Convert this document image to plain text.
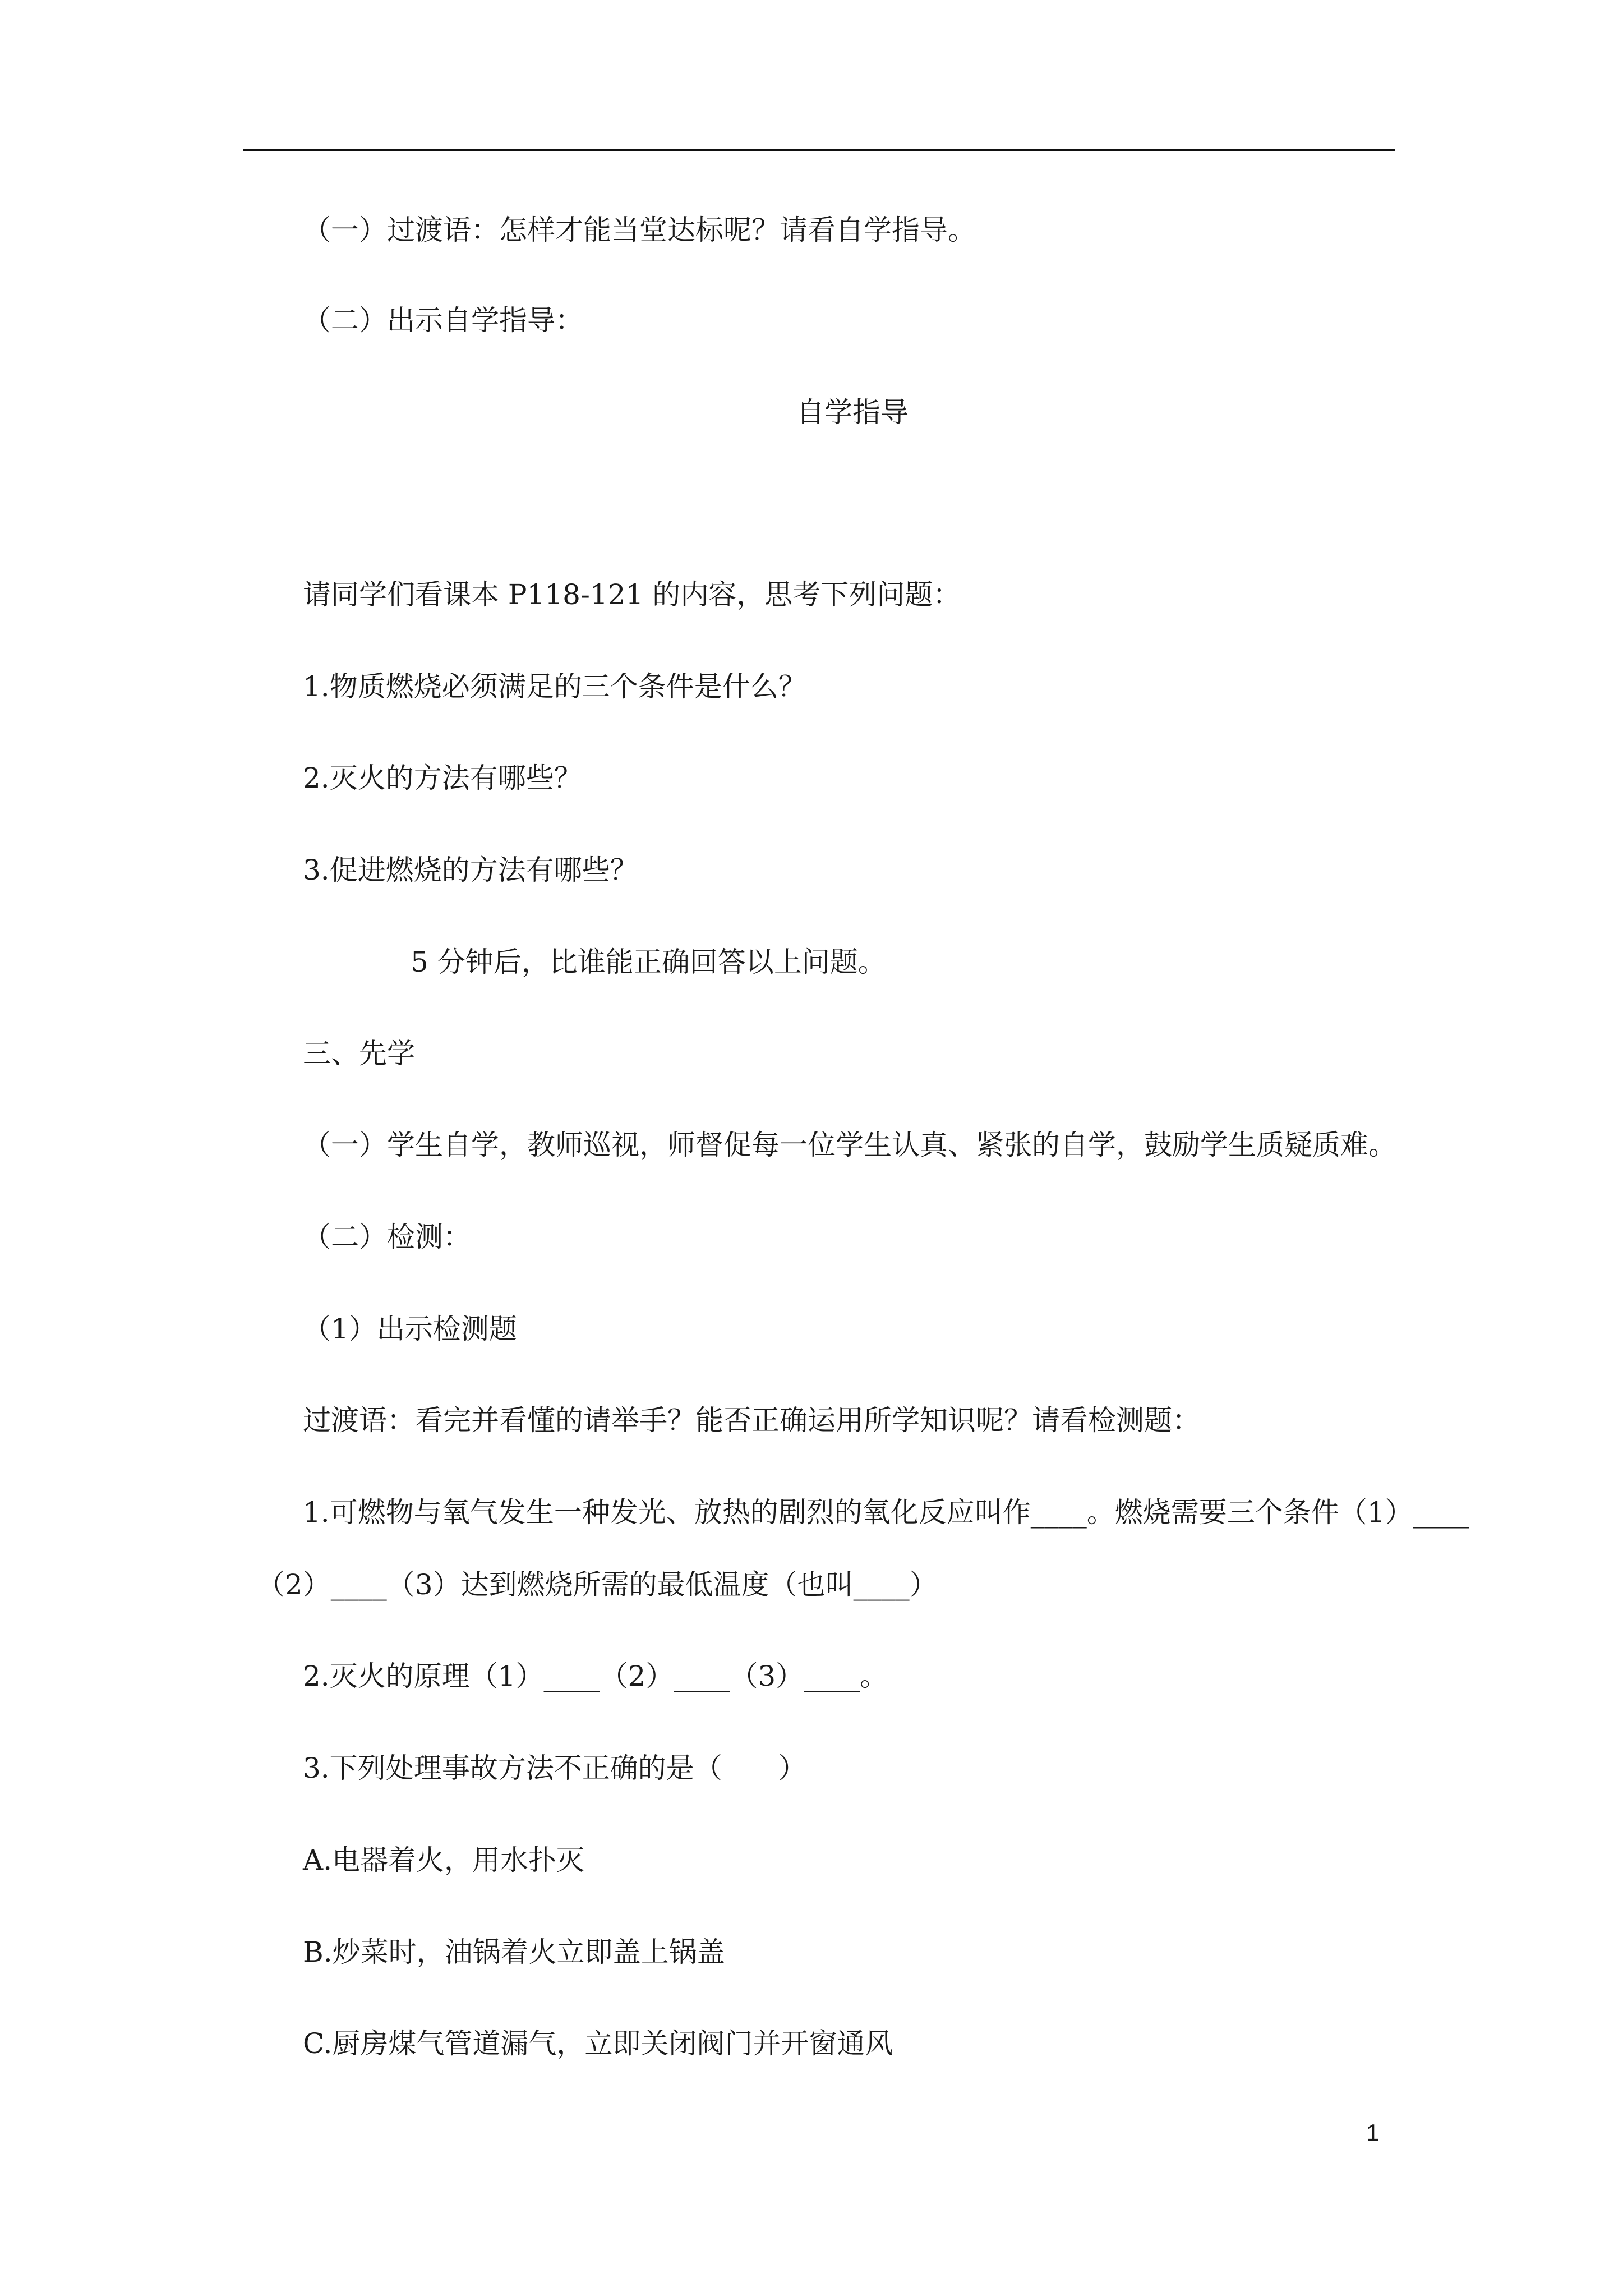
（一）过渡语：怎样才能当堂达标呢？请看自学指导。
（二）出示自学指导：
自学指导
请同学们看课本 P118-121 的内容，思考下列问题：
1.物质燃烧必须满足的三个条件是什么？
2.灭火的方法有哪些？
3.促进燃烧的方法有哪些？
5 分钟后，比谁能正确回答以上问题。
三、先学
（一）学生自学，教师巡视，师督促每一位学生认真、紧张的自学，鼓励学生质疑质难。
（二）检测：
（1）出示检测题
过渡语：看完并看懂的请举手？能否正确运用所学知识呢？请看检测题：
1.可燃物与氧气发生一种发光、放热的剧烈的氧化反应叫作____。燃烧需要三个条件（1）____
（2）____（3）达到燃烧所需的最低温度（也叫____）
2.灭火的原理（1）____（2）____（3）____。
3.下列处理事故方法不正确的是（　　）
A.电器着火，用水扑灭
B.炒菜时，油锅着火立即盖上锅盖
C.厨房煤气管道漏气，立即关闭阀门并开窗通风
1
